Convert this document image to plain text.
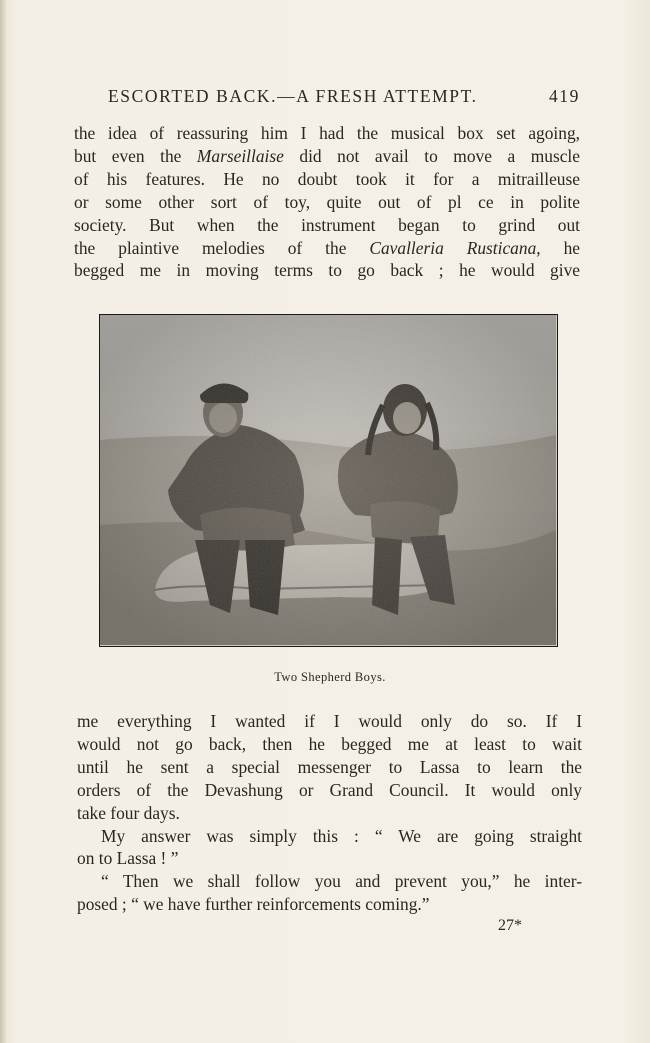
ESCORTED BACK.—A FRESH ATTEMPT.	419
the idea of reassuring him I had the musical box set agoing,
but even the Marseillaise did not avail to move a muscle
of his features. He no doubt took it for a mitrailleuse
or some other sort of toy, quite out of pl ce in polite
society. But when the instrument began to grind out
the plaintive melodies of the Cavalleria Rusticana, he
begged me in moving terms to go back ; he would give
Two Shepherd Boys.
me everything I wanted if I would only do so. If I
would not go back, then he begged me at least to wait
until he sent a special messenger to Lassa to learn the
orders of the Devashung or Grand Council. It would only
take four days.
My answer was simply this : “ We are going straight
on to Lassa ! ”
“ Then we shall follow you and prevent you,” he inter-
posed ; “ we have further reinforcements coming.”
27*
